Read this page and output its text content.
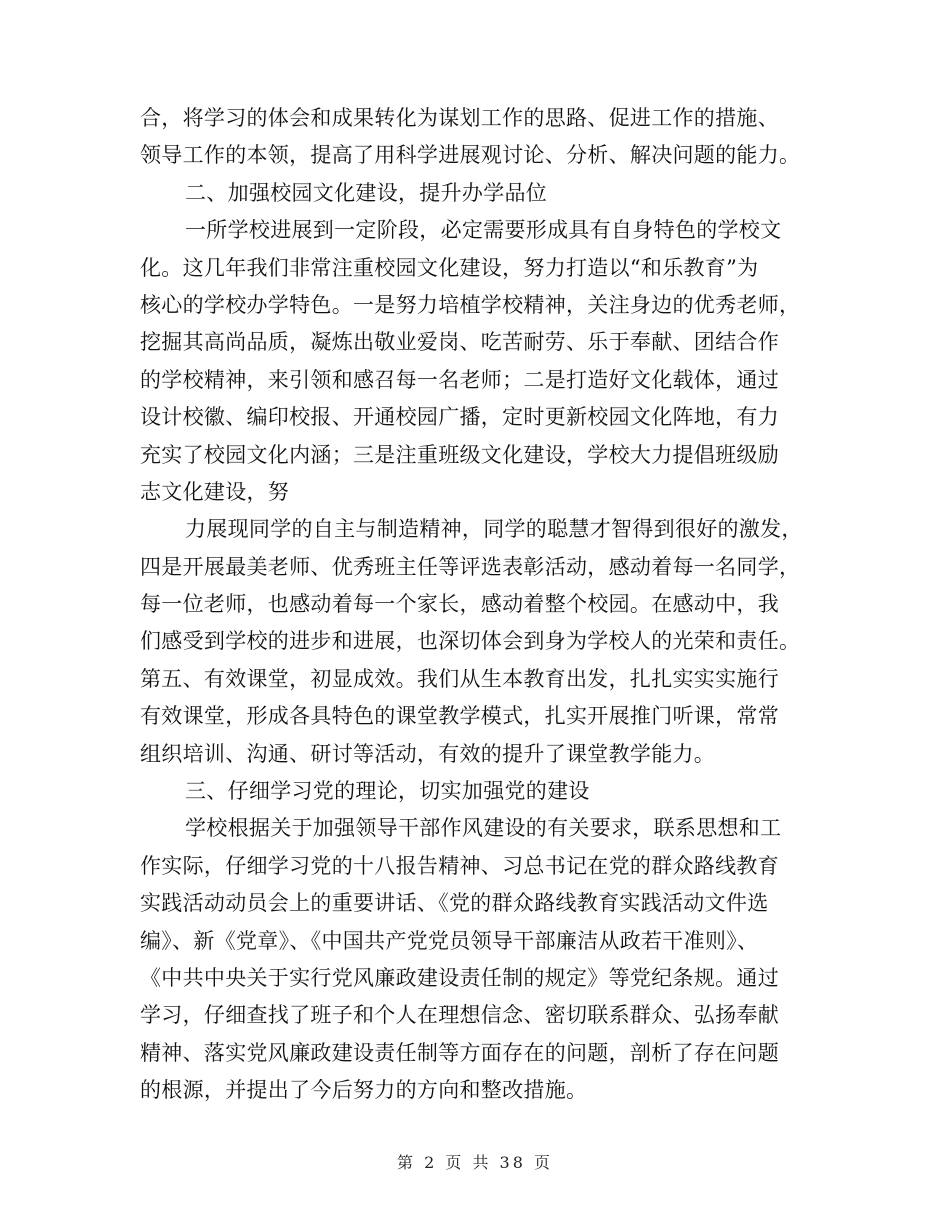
合，将学习的体会和成果转化为谋划工作的思路、促进工作的措施、
领导工作的本领，提高了用科学进展观讨论、分析、解决问题的能力。
二、加强校园文化建设，提升办学品位
一所学校进展到一定阶段，必定需要形成具有自身特色的学校文
化。这几年我们非常注重校园文化建设，努力打造以“和乐教育”为
核心的学校办学特色。一是努力培植学校精神，关注身边的优秀老师，
挖掘其高尚品质，凝炼出敬业爱岗、吃苦耐劳、乐于奉献、团结合作
的学校精神，来引领和感召每一名老师；二是打造好文化载体，通过
设计校徽、编印校报、开通校园广播，定时更新校园文化阵地，有力
充实了校园文化内涵；三是注重班级文化建设，学校大力提倡班级励
志文化建设，努
力展现同学的自主与制造精神，同学的聪慧才智得到很好的激发，
四是开展最美老师、优秀班主任等评选表彰活动，感动着每一名同学，
每一位老师，也感动着每一个家长，感动着整个校园。在感动中，我
们感受到学校的进步和进展，也深切体会到身为学校人的光荣和责任。
第五、有效课堂，初显成效。我们从生本教育出发，扎扎实实实施行
有效课堂，形成各具特色的课堂教学模式，扎实开展推门听课，常常
组织培训、沟通、研讨等活动，有效的提升了课堂教学能力。
三、仔细学习党的理论，切实加强党的建设
学校根据关于加强领导干部作风建设的有关要求，联系思想和工
作实际，仔细学习党的十八报告精神、习总书记在党的群众路线教育
实践活动动员会上的重要讲话、《党的群众路线教育实践活动文件选
编》、新《党章》、《中国共产党党员领导干部廉洁从政若干准则》、
《中共中央关于实行党风廉政建设责任制的规定》等党纪条规。通过
学习，仔细查找了班子和个人在理想信念、密切联系群众、弘扬奉献
精神、落实党风廉政建设责任制等方面存在的问题，剖析了存在问题
的根源，并提出了今后努力的方向和整改措施。
第 2 页 共 38 页
